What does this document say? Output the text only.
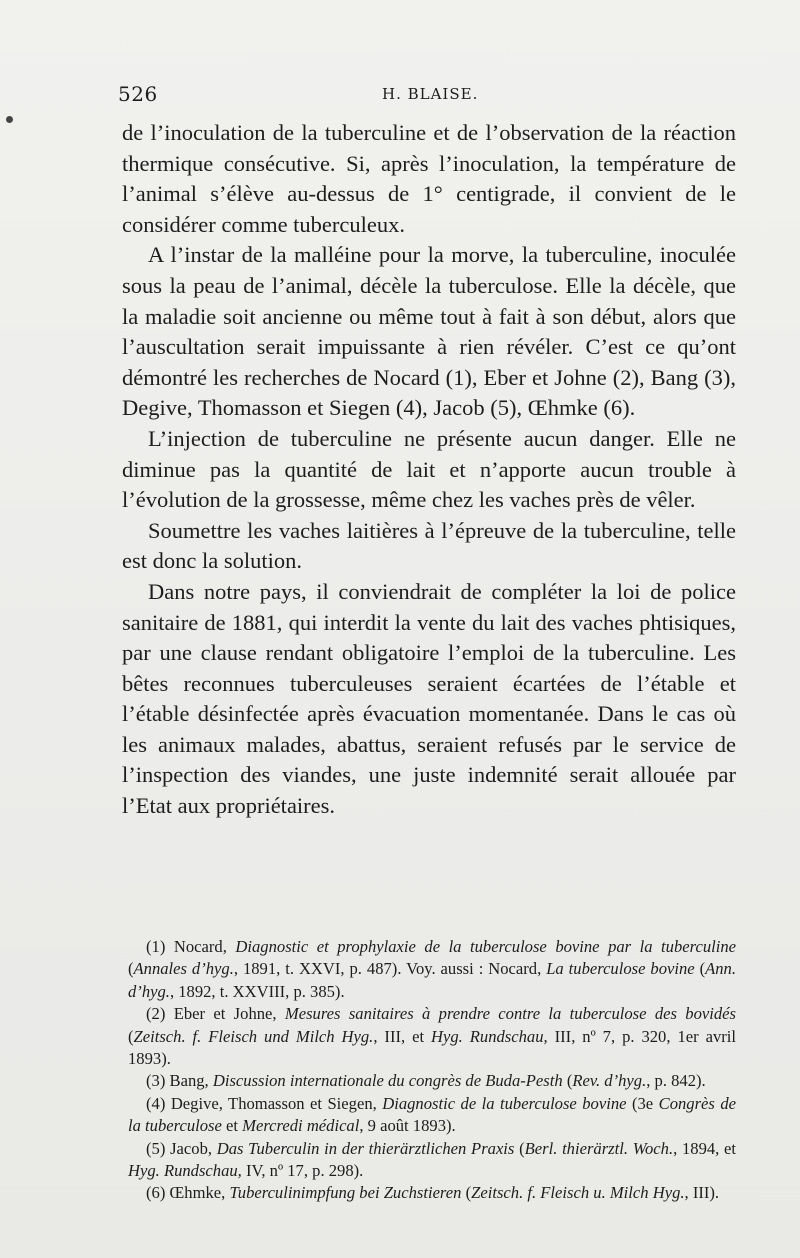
526	H. BLAISE.

de l’inoculation de la tuberculine et de l’observation de la réaction thermique consécutive. Si, après l’inoculation, la température de l’animal s’élève au-dessus de 1° centigrade, il convient de le considérer comme tuberculeux.

A l’instar de la malléine pour la morve, la tuberculine, inoculée sous la peau de l’animal, décèle la tuberculose. Elle la décèle, que la maladie soit ancienne ou même tout à fait à son début, alors que l’auscultation serait impuissante à rien révéler. C’est ce qu’ont démontré les recherches de Nocard (1), Eber et Johne (2), Bang (3), Degive, Thomasson et Siegen (4), Jacob (5), Œhmke (6).

L’injection de tuberculine ne présente aucun danger. Elle ne diminue pas la quantité de lait et n’apporte aucun trouble à l’évolution de la grossesse, même chez les vaches près de vêler.

Soumettre les vaches laitières à l’épreuve de la tuberculine, telle est donc la solution.

Dans notre pays, il conviendrait de compléter la loi de police sanitaire de 1881, qui interdit la vente du lait des vaches phtisiques, par une clause rendant obligatoire l’emploi de la tuberculine. Les bêtes reconnues tuberculeuses seraient écartées de l’étable et l’étable désinfectée après évacuation momentanée. Dans le cas où les animaux malades, abattus, seraient refusés par le service de l’inspection des viandes, une juste indemnité serait allouée par l’Etat aux propriétaires.

(1) Nocard, Diagnostic et prophylaxie de la tuberculose bovine par la tuberculine (Annales d’hyg., 1891, t. XXVI, p. 487). Voy. aussi : Nocard, La tuberculose bovine (Ann. d’hyg., 1892, t. XXVIII, p. 385).

(2) Eber et Johne, Mesures sanitaires à prendre contre la tuberculose des bovidés (Zeitsch. f. Fleisch und Milch Hyg., III, et Hyg. Rundschau, III, nº 7, p. 320, 1er avril 1893).

(3) Bang, Discussion internationale du congrès de Buda-Pesth (Rev. d’hyg., p. 842).

(4) Degive, Thomasson et Siegen, Diagnostic de la tuberculose bovine (3e Congrès de la tuberculose et Mercredi médical, 9 août 1893).

(5) Jacob, Das Tuberculin in der thierärztlichen Praxis (Berl. thierärztl. Woch., 1894, et Hyg. Rundschau, IV, nº 17, p. 298).

(6) Œhmke, Tuberculinimpfung bei Zuchstieren (Zeitsch. f. Fleisch u. Milch Hyg., III).
